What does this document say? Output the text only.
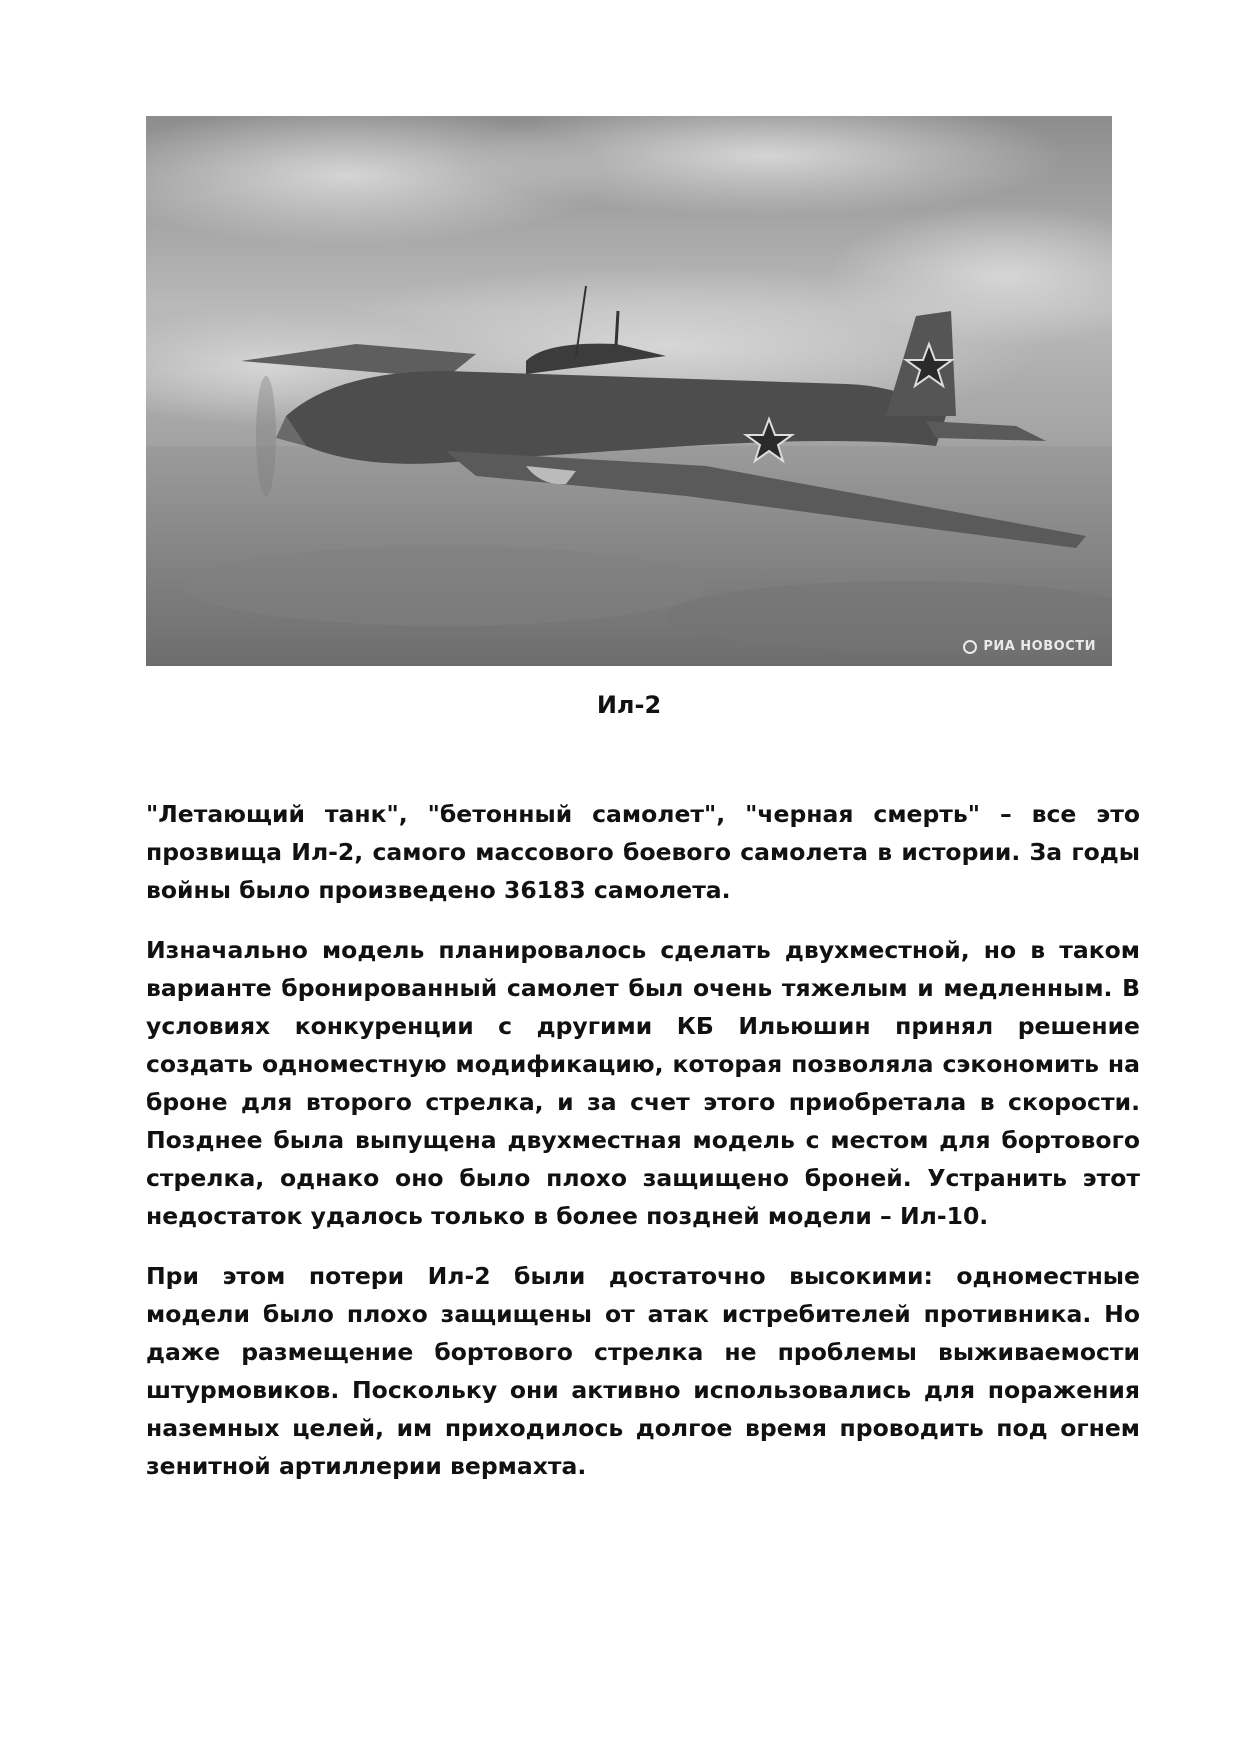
РИА НОВОСТИ
Ил-2

"Летающий танк", "бетонный самолет", "черная смерть" – все это прозвища Ил-2, самого массового боевого самолета в истории. За годы войны было произведено 36183 самолета.

Изначально модель планировалось сделать двухместной, но в таком варианте бронированный самолет был очень тяжелым и медленным. В условиях конкуренции с другими КБ Ильюшин принял решение создать одноместную модификацию, которая позволяла сэкономить на броне для второго стрелка, и за счет этого приобретала в скорости. Позднее была выпущена двухместная модель с местом для бортового стрелка, однако оно было плохо защищено броней. Устранить этот недостаток удалось только в более поздней модели – Ил-10.

При этом потери Ил-2 были достаточно высокими: одноместные модели было плохо защищены от атак истребителей противника. Но даже размещение бортового стрелка не проблемы выживаемости штурмовиков. Поскольку они активно использовались для поражения наземных целей, им приходилось долгое время проводить под огнем зенитной артиллерии вермахта.
